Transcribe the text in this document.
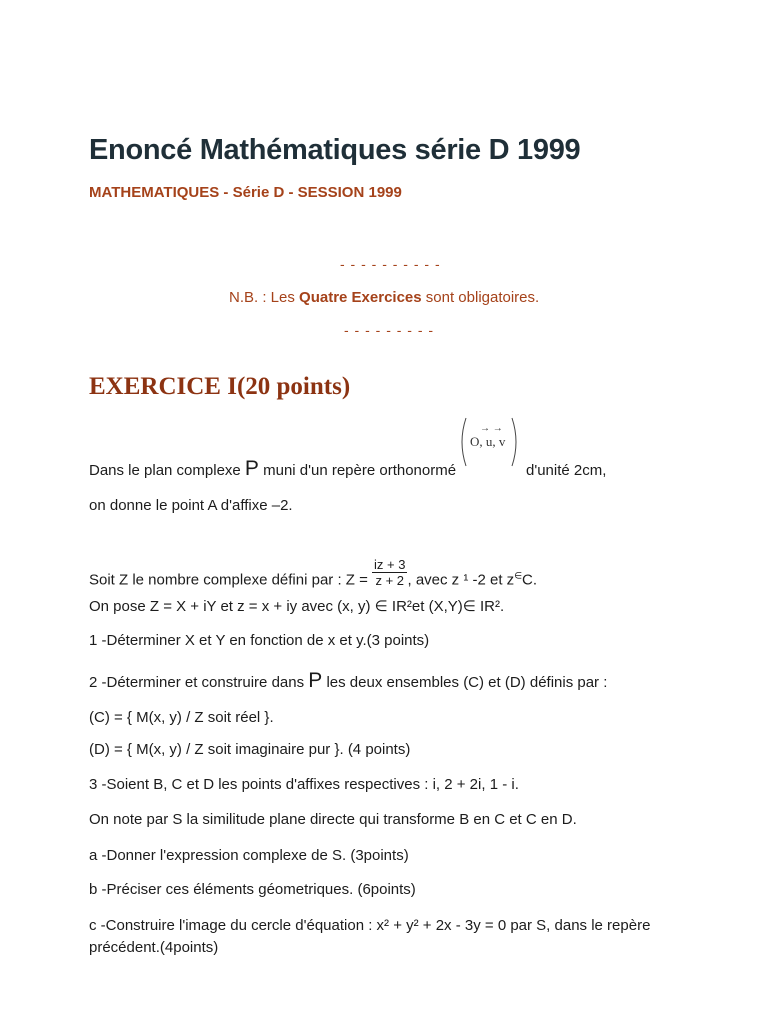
Enoncé Mathématiques série D 1999
MATHEMATIQUES - Série D - SESSION 1999
- - - - - - - - - -
N.B. : Les Quatre Exercices sont obligatoires.
- - - - - - - - -
EXERCICE I(20 points)
Dans le plan complexe P muni d'un repère orthonormé
→ →
O, u, v
d'unité 2cm,
on donne le point A d'affixe –2.
Soit Z le nombre complexe défini par : $Z = \frac{iz + 3}{z + 2}$ , avec z ¹ -2 et z∈C.
On pose Z = X + iY et z = x + iy avec (x, y) ∈ IR²et (X,Y)∈ IR².
1 -Déterminer X et Y en fonction de x et y.(3 points)
2 -Déterminer et construire dans P les deux ensembles (C) et (D) définis par :
(C) = { M(x, y) / Z soit réel }.
(D) = { M(x, y) / Z soit imaginaire pur }. (4 points)
3 -Soient B, C et D les points d'affixes respectives : i, 2 + 2i, 1 - i.
On note par S la similitude plane directe qui transforme B en C et C en D.
a -Donner l'expression complexe de S. (3points)
b -Préciser ces éléments géometriques. (6points)
c -Construire l'image du cercle d'équation : x² + y² + 2x - 3y = 0 par S, dans le repère
précédent.(4points)
